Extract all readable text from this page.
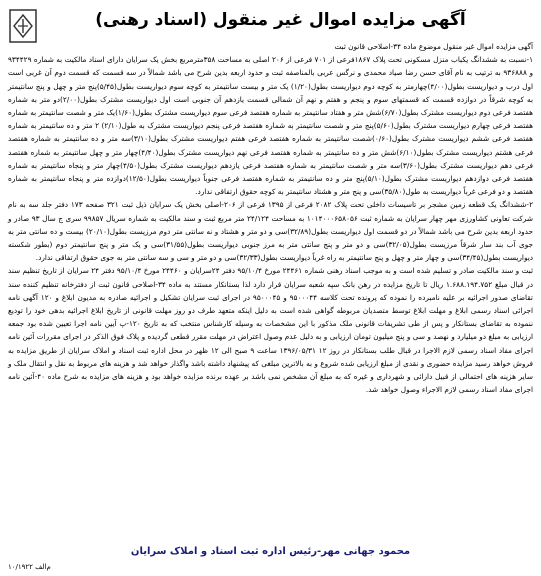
آگهی مزایده اموال غیر منقول (اسناد رهنی)

آگهی مزایده اموال غیر منقول موضوع ماده ۳۴-اصلاحی قانون ثبت

۱-نسبت به ششدانگ یکباب منزل مسکونی تحت پلاک ۱۸۶۷فرعی از ۷۰۱ فرعی از ۲۰۶ اصلی به مساحت ۳۵۸مترمربع بخش یک سرایان دارای اسناد مالکیت به شماره ۹۳۴۴۲۹ و ۹۳۶۸۸۸ به ترتیب به نام آقای حسن رضا صیاد محمدی و نرگس عربی بالمناصفه ثبت و حدود اربعه بدین شرح می باشد شمالاً در سه قسمت که قسمت دوم آن غربی است اول درب و دیواریست بطول(۴/۰۰)چهارمتر به کوچه دوم دیواریست بطول(۱/۲۰) یک متر و بیست سانتیمتر به کوچه سوم دیواریست بطول(۵/۴۵)پنج متر و چهل و پنج سانتیمتر به کوچه شرقاً در دوازده قسمت که قسمتهای سوم و پنجم و هفتم و نهم آن شمالی قسمت یازدهم آن جنوبی است اول دیواریست مشترک بطول(۲/۰۰)دو متر به شماره هفتصد فرعی دوم دیواریست مشترک بطول(۶/۷۰)شش متر و هفتاد سانتیمتر به شماره هفتصد فرعی سوم دیواریست مشترک بطول(۱/۶۰)یک متر و شصت سانتیمتر به شماره هفتصد فرعی چهارم دیواریست مشترک بطول(۵/۶۰)پنج متر و شصت سانتیمتر به شماره هفتصد فرعی پنجم دیواریست مشترک به طول(۲/۱۰) ۲ متر و ده سانتیمتر به شماره هفتصد فرعی ششم دیواریست مشترک بطول(۰/۶۰)شصت سانتیمتر به شماره هفتصد فرعی هفتم دیواریست مشترک بطول(۳/۱۰)سه متر و ده سانتیمتر به شماره هفتصد فرعی هشتم دیواریست مشترک بطول(۶/۱۰)شش متر و ده سانتیمتر به شماره هفتصد فرعی نهم دیواریست مشترک بطول(۴/۴۰)چهار متر و چهل سانتیمتر به شماره هفتصد فرعی دهم دیواریست مشترک بطول(۳/۶۰)سه متر و شصت سانتیمتر به شماره هفتصد فرعی یازدهم دیواریست مشترک بطول(۴/۵۰)چهار متر و پنجاه سانتیمتر به شماره هفتصد فرعی دوازدهم دیواریست مشترک بطول(۵/۱۰)پنج متر و ده سانتیمتر به شماره هفتصد فرعی جنوباً دیواریست بطول(۱۲/۵۰)دوازده متر و پنجاه سانتیمتر به شماره هفتصد و دو فرعی غرباً دیواریست به طول(۳۵/۸۰)سی و پنج متر و هشتاد سانتیمتر به کوچه حقوق ارتفاقی ندارد.

۲-ششدانگ یک قطعه زمین مشجر بر تاسیسات داخلی تحت پلاک ۲۰۸۲ فرعی از ۱۳۹۵ فرعی از ۲۰۶-اصلی بخش یک سرایان ذیل ثبت ۳۲۱ صفحه ۱۷۳ دفتر جلد سه به نام شرکت تعاونی کشاورزی مهر چهار سرایان به شماره ثبت ۱۰۱۴۰۰۰۶۵۸۰۵۶ به مساحت ۲۴/۱۲۴ متر مربع ثبت و سند مالکیت به شماره سریال ۹۹۸۵۷ سری ج سال ۹۳ صادر و حدود اربعه بدین شرح می باشد شمالاً در دو قسمت اول دیواریست بطول(۳۲/۸۹)سی و دو متر و هشتاد و نه سانتی متر دوم مرزیست بطول(۲۰/۱۰) بیست و ده سانتی متر به جوی آب بند سار شرقاً مرزیست بطول(۳۲/۰۵)سی و دو متر و پنج سانتی متر به مرز جنوبی دیواریست بطول(۳۱/۵۵)سی و یک متر و پنج سانتیمتر دوم (بطور شکسته دیواریست بطول(۳۴/۴۵)سی و چهار متر و چهل و پنج سانتیمتر به راه غرباً دیواریست بطول(۳۲/۳۳)سی و دو متر و سی و سه سانتی متر به جوی حقوق ارتفاقی ندارد.

ثبت و سند مالکیت صادر و تسلیم شده است و به موجب اسناد رهنی شماره ۲۴۴۶۱ مورخ ۹۵/۱۰/۴ دفتر ۲۴سرایان و ۲۴۴۶۰ مورخ ۹۵/۱۰/۴ دفتر ۲۴ سرایان از تاریخ تنظیم سند در قبال مبلغ ۱.۶۸۸.۱۹۴.۷۵۲ ریال تا تاریخ مزایده در رهن بانک سپه شعبه سرایان قرار دارد لذا بستانکار مستند به ماده ۳۴-اصلاحی قانون ثبت از دفترخانه تنظیم کننده سند تقاضای صدور اجرائیه بر علیه نامبرده را نموده که پرونده تحت کلاسه ۹۵۰۰۰۴۴ و ۹۵۰۰۰۴۵ در اجرای ثبت سرایان تشکیل و اجرائیه صادره به مدیون ابلاغ و ۱۲۰ آگهی نامه اجرائی اسناد رسمی ابلاغ و مهلت ابلاغ توسط متصدیان مربوطه گواهی شده است به دلیل اینکه متعهد طرف دو روز مهلت قانونی از تاریخ ابلاغ اجرائیه بدهی خود را تودیع ننموده به تقاضای بستانکار و پس از طی تشریفات قانونی ملک مذکور با این مشخصات به وسیله کارشناس منتخب که به تاریخ ۱۲۰-پ آیین نامه اجرا تعیین شده بود جمعه ارزیابی به مبلغ دو میلیارد و نهصد و سی و پنج میلیون تومان ارزیابی و به دلیل عدم وصول اعتراض در مهلت مقرر قطعی گردیده و پلاک فوق الذکر در اجرای مقررات آئین نامه اجرای مفاد اسناد رسمی لازم الاجرا در قبال طلب بستانکار در روز ۱۲ ۱۳۹۶/۰۵/۳۱ ساعت ۹ صبح الی ۱۲ ظهر در محل اداره ثبت اسناد و املاک سرایان از طریق مزایده به فروش خواهد رسید مزایده حضوری و نقدی از مبلغ ارزیابی شده شروع و به بالاترین مبلغی که پیشنهاد داشته باشد واگذار خواهد شد و هزینه های مربوط به نقل و انتقال ملک و سایر هزینه های احتمالی از قبیل دارائی و شهرداری و غیره که به مبلغ آن مشخص نمی باشد بر عهده برنده مزایده خواهد بود و هزینه های مزایده به شرح ماده ۴۰-آئین نامه اجرای مفاد اسناد رسمی لازم الاجراء وصول خواهد شد.

محمود جهانی مهر-رئیس اداره ثبت اسناد و املاک سرایان
م‌الف ۱۰/۱۹۲۲
